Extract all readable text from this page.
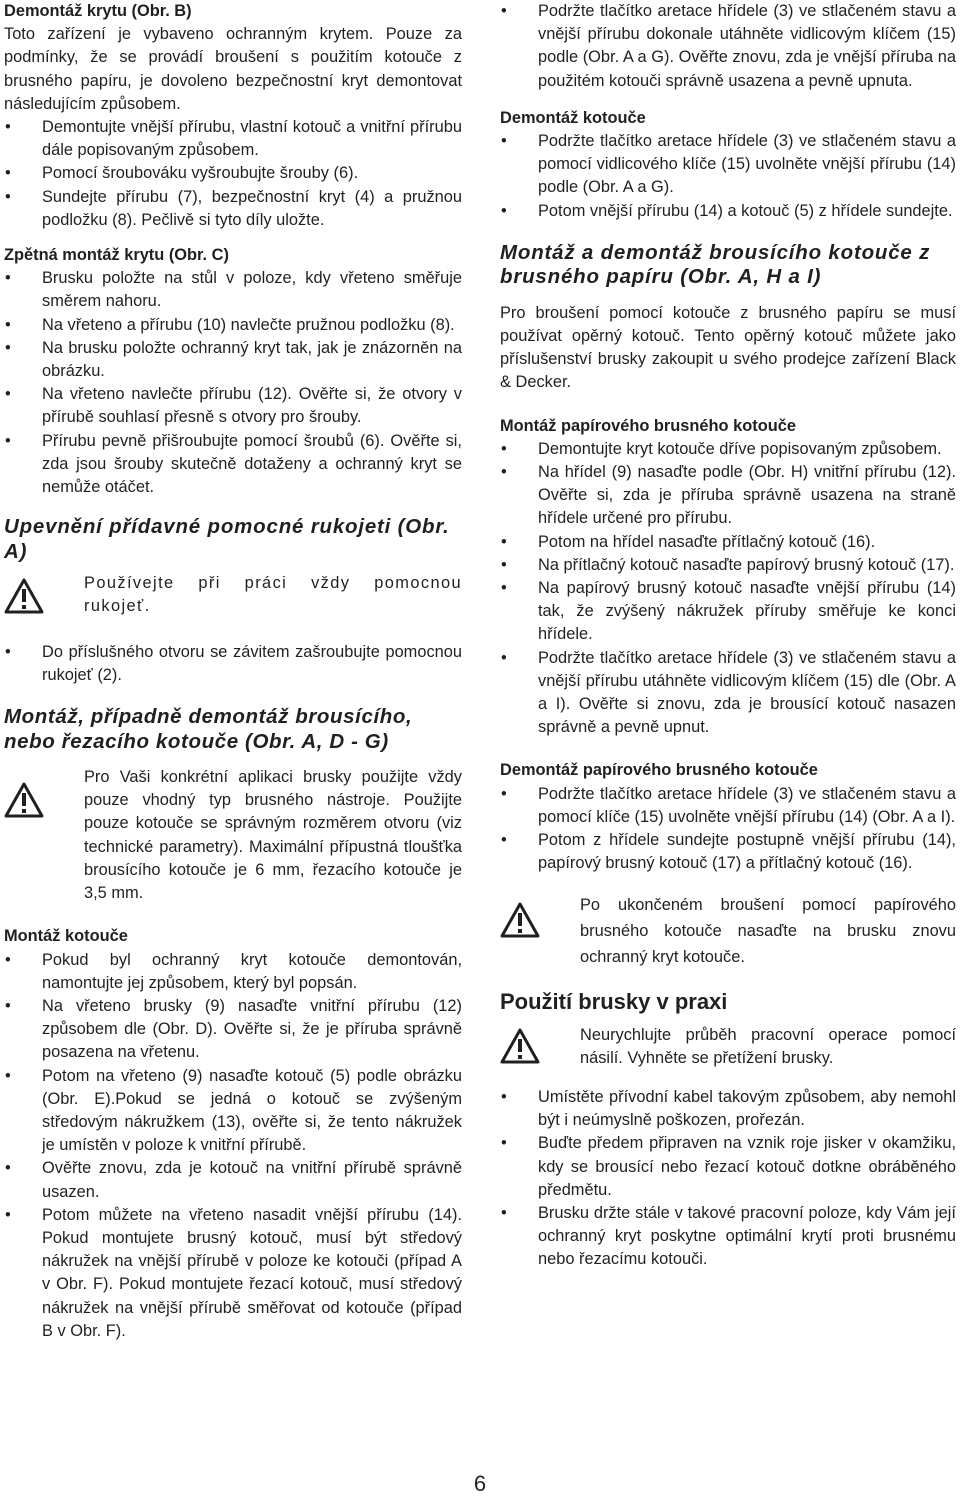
Demontáž krytu (Obr. B)

Toto zařízení je vybaveno ochranným krytem. Pouze za podmínky, že se provádí broušení s použitím kotouče z brusného papíru, je dovoleno bezpečnostní kryt demontovat následujícím způsobem.

• Demontujte vnější přírubu, vlastní kotouč a vnitřní přírubu dále popisovaným způsobem.
• Pomocí šroubováku vyšroubujte šrouby (6).
• Sundejte přírubu (7), bezpečnostní kryt (4) a pružnou podložku (8). Pečlivě si tyto díly uložte.
Zpětná montáž krytu (Obr. C)
• Brusku položte na stůl v poloze, kdy vřeteno směřuje směrem nahoru.
• Na vřeteno a přírubu (10) navlečte pružnou podložku (8).
• Na brusku položte ochranný kryt tak, jak je znázorněn na obrázku.
• Na vřeteno navlečte přírubu (12). Ověřte si, že otvory v přírubě souhlasí přesně s otvory pro šrouby.
• Přírubu pevně přišroubujte pomocí šroubů (6). Ověřte si, zda jsou šrouby skutečně dotaženy a ochranný kryt se nemůže otáčet.
Upevnění přídavné pomocné rukojeti (Obr. A)

Používejte při práci vždy pomocnou rukojeť.

• Do příslušného otvoru se závitem zašroubujte pomocnou rukojeť (2).
Montáž, případně demontáž brousícího, nebo řezacího kotouče (Obr. A, D - G)

Pro Vaši konkrétní aplikaci brusky použijte vždy pouze vhodný typ brusného nástroje. Použijte pouze kotouče se správným rozměrem otvoru (viz technické parametry). Maximální přípustná tloušťka brousícího kotouče je 6 mm, řezacího kotouče je 3,5 mm.

Montáž kotouče
• Pokud byl ochranný kryt kotouče demontován, namontujte jej způsobem, který byl popsán.
• Na vřeteno brusky (9) nasaďte vnitřní přírubu (12) způsobem dle (Obr. D). Ověřte si, že je příruba správně posazena na vřetenu.
• Potom na vřeteno (9) nasaďte kotouč (5) podle obrázku (Obr. E).Pokud se jedná o kotouč se zvýšeným středovým nákružkem (13), ověřte si, že tento nákružek je umístěn v poloze k vnitřní přírubě.
• Ověřte znovu, zda je kotouč na vnitřní přírubě správně usazen.
• Potom můžete na vřeteno nasadit vnější přírubu (14). Pokud montujete brusný kotouč, musí být středový nákružek na vnější přírubě v poloze ke kotouči (případ A v Obr. F). Pokud montujete řezací kotouč, musí středový nákružek na vnější přírubě směřovat od kotouče (případ B v Obr. F).
• Podržte tlačítko aretace hřídele (3) ve stlačeném stavu a vnější přírubu dokonale utáhněte vidlicovým klíčem (15) podle (Obr. A a G). Ověřte znovu, zda je vnější příruba na použitém kotouči správně usazena a pevně upnuta.
Demontáž kotouče
• Podržte tlačítko aretace hřídele (3) ve stlačeném stavu a pomocí vidlicového klíče (15) uvolněte vnější přírubu (14) podle (Obr. A a G).
• Potom vnější přírubu (14) a kotouč (5) z hřídele sundejte.
Montáž a demontáž brousícího kotouče z brusného papíru (Obr. A, H a I)

Pro broušení pomocí kotouče z brusného papíru se musí používat opěrný kotouč. Tento opěrný kotouč můžete jako příslušenství brusky zakoupit u svého prodejce zařízení Black & Decker.

Montáž papírového brusného kotouče
• Demontujte kryt kotouče dříve popisovaným způsobem.
• Na hřídel (9) nasaďte podle (Obr. H) vnitřní přírubu (12). Ověřte si, zda je příruba správně usazena na straně hřídele určené pro přírubu.
• Potom na hřídel nasaďte přítlačný kotouč (16).
• Na přítlačný kotouč nasaďte papírový brusný kotouč (17).
• Na papírový brusný kotouč nasaďte vnější přírubu (14) tak, že zvýšený nákružek příruby směřuje ke konci hřídele.
• Podržte tlačítko aretace hřídele (3) ve stlačeném stavu a vnější přírubu utáhněte vidlicovým klíčem (15) dle (Obr. A a I). Ověřte si znovu, zda je brousící kotouč nasazen správně a pevně upnut.
Demontáž papírového brusného kotouče
• Podržte tlačítko aretace hřídele (3) ve stlačeném stavu a pomocí klíče (15) uvolněte vnější přírubu (14) (Obr. A a I).
• Potom z hřídele sundejte postupně vnější přírubu (14), papírový brusný kotouč (17) a přítlačný kotouč (16).

Po ukončeném broušení pomocí papírového brusného kotouče nasaďte na brusku znovu ochranný kryt kotouče.

Použití brusky v praxi

Neurychlujte průběh pracovní operace pomocí násilí. Vyhněte se přetížení brusky.

• Umístěte přívodní kabel takovým způsobem, aby nemohl být i neúmyslně poškozen, prořezán.
• Buďte předem připraven na vznik roje jisker v okamžiku, kdy se brousící nebo řezací kotouč dotkne obráběného předmětu.
• Brusku držte stále v takové pracovní poloze, kdy Vám její ochranný kryt poskytne optimální krytí proti brusnému nebo řezacímu kotouči.
6
